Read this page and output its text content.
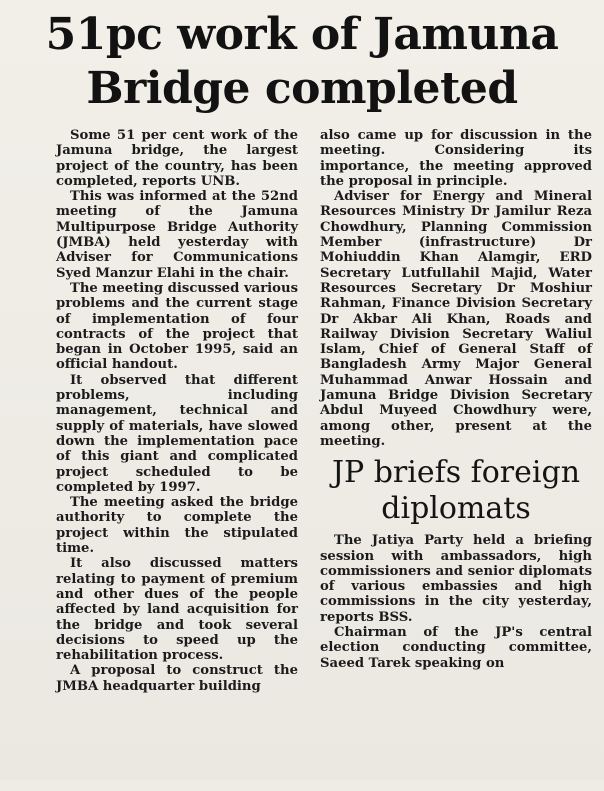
51pc work of Jamuna
Bridge completed

Some 51 per cent work of the Jamuna bridge, the largest project of the country, has been completed, reports UNB.

This was informed at the 52nd meeting of the Jamuna Multipurpose Bridge Authority (JMBA) held yesterday with Adviser for Communications Syed Manzur Elahi in the chair.

The meeting discussed various problems and the current stage of implementation of four contracts of the project that began in October 1995, said an official handout.

It observed that different problems, including management, technical and supply of materials, have slowed down the implementation pace of this giant and complicated project scheduled to be completed by 1997.

The meeting asked the bridge authority to complete the project within the stipulated time.

It also discussed matters relating to payment of premium and other dues of the people affected by land acquisition for the bridge and took several decisions to speed up the rehabilitation process.

A proposal to construct the JMBA headquarter building

also came up for discussion in the meeting. Considering its importance, the meeting approved the proposal in principle.

Adviser for Energy and Mineral Resources Ministry Dr Jamilur Reza Chowdhury, Planning Commission Member (infrastructure) Dr Mohiuddin Khan Alamgir, ERD Secretary Lutfullahil Majid, Water Resources Secretary Dr Moshiur Rahman, Finance Division Secretary Dr Akbar Ali Khan, Roads and Railway Division Secretary Waliul Islam, Chief of General Staff of Bangladesh Army Major General Muhammad Anwar Hossain and Jamuna Bridge Division Secretary Abdul Muyeed Chowdhury were, among other, present at the meeting.

JP briefs foreign
diplomats

The Jatiya Party held a briefing session with ambassadors, high commissioners and senior diplomats of various embassies and high commissions in the city yesterday, reports BSS.

Chairman of the JP's central election conducting committee, Saeed Tarek speaking on
